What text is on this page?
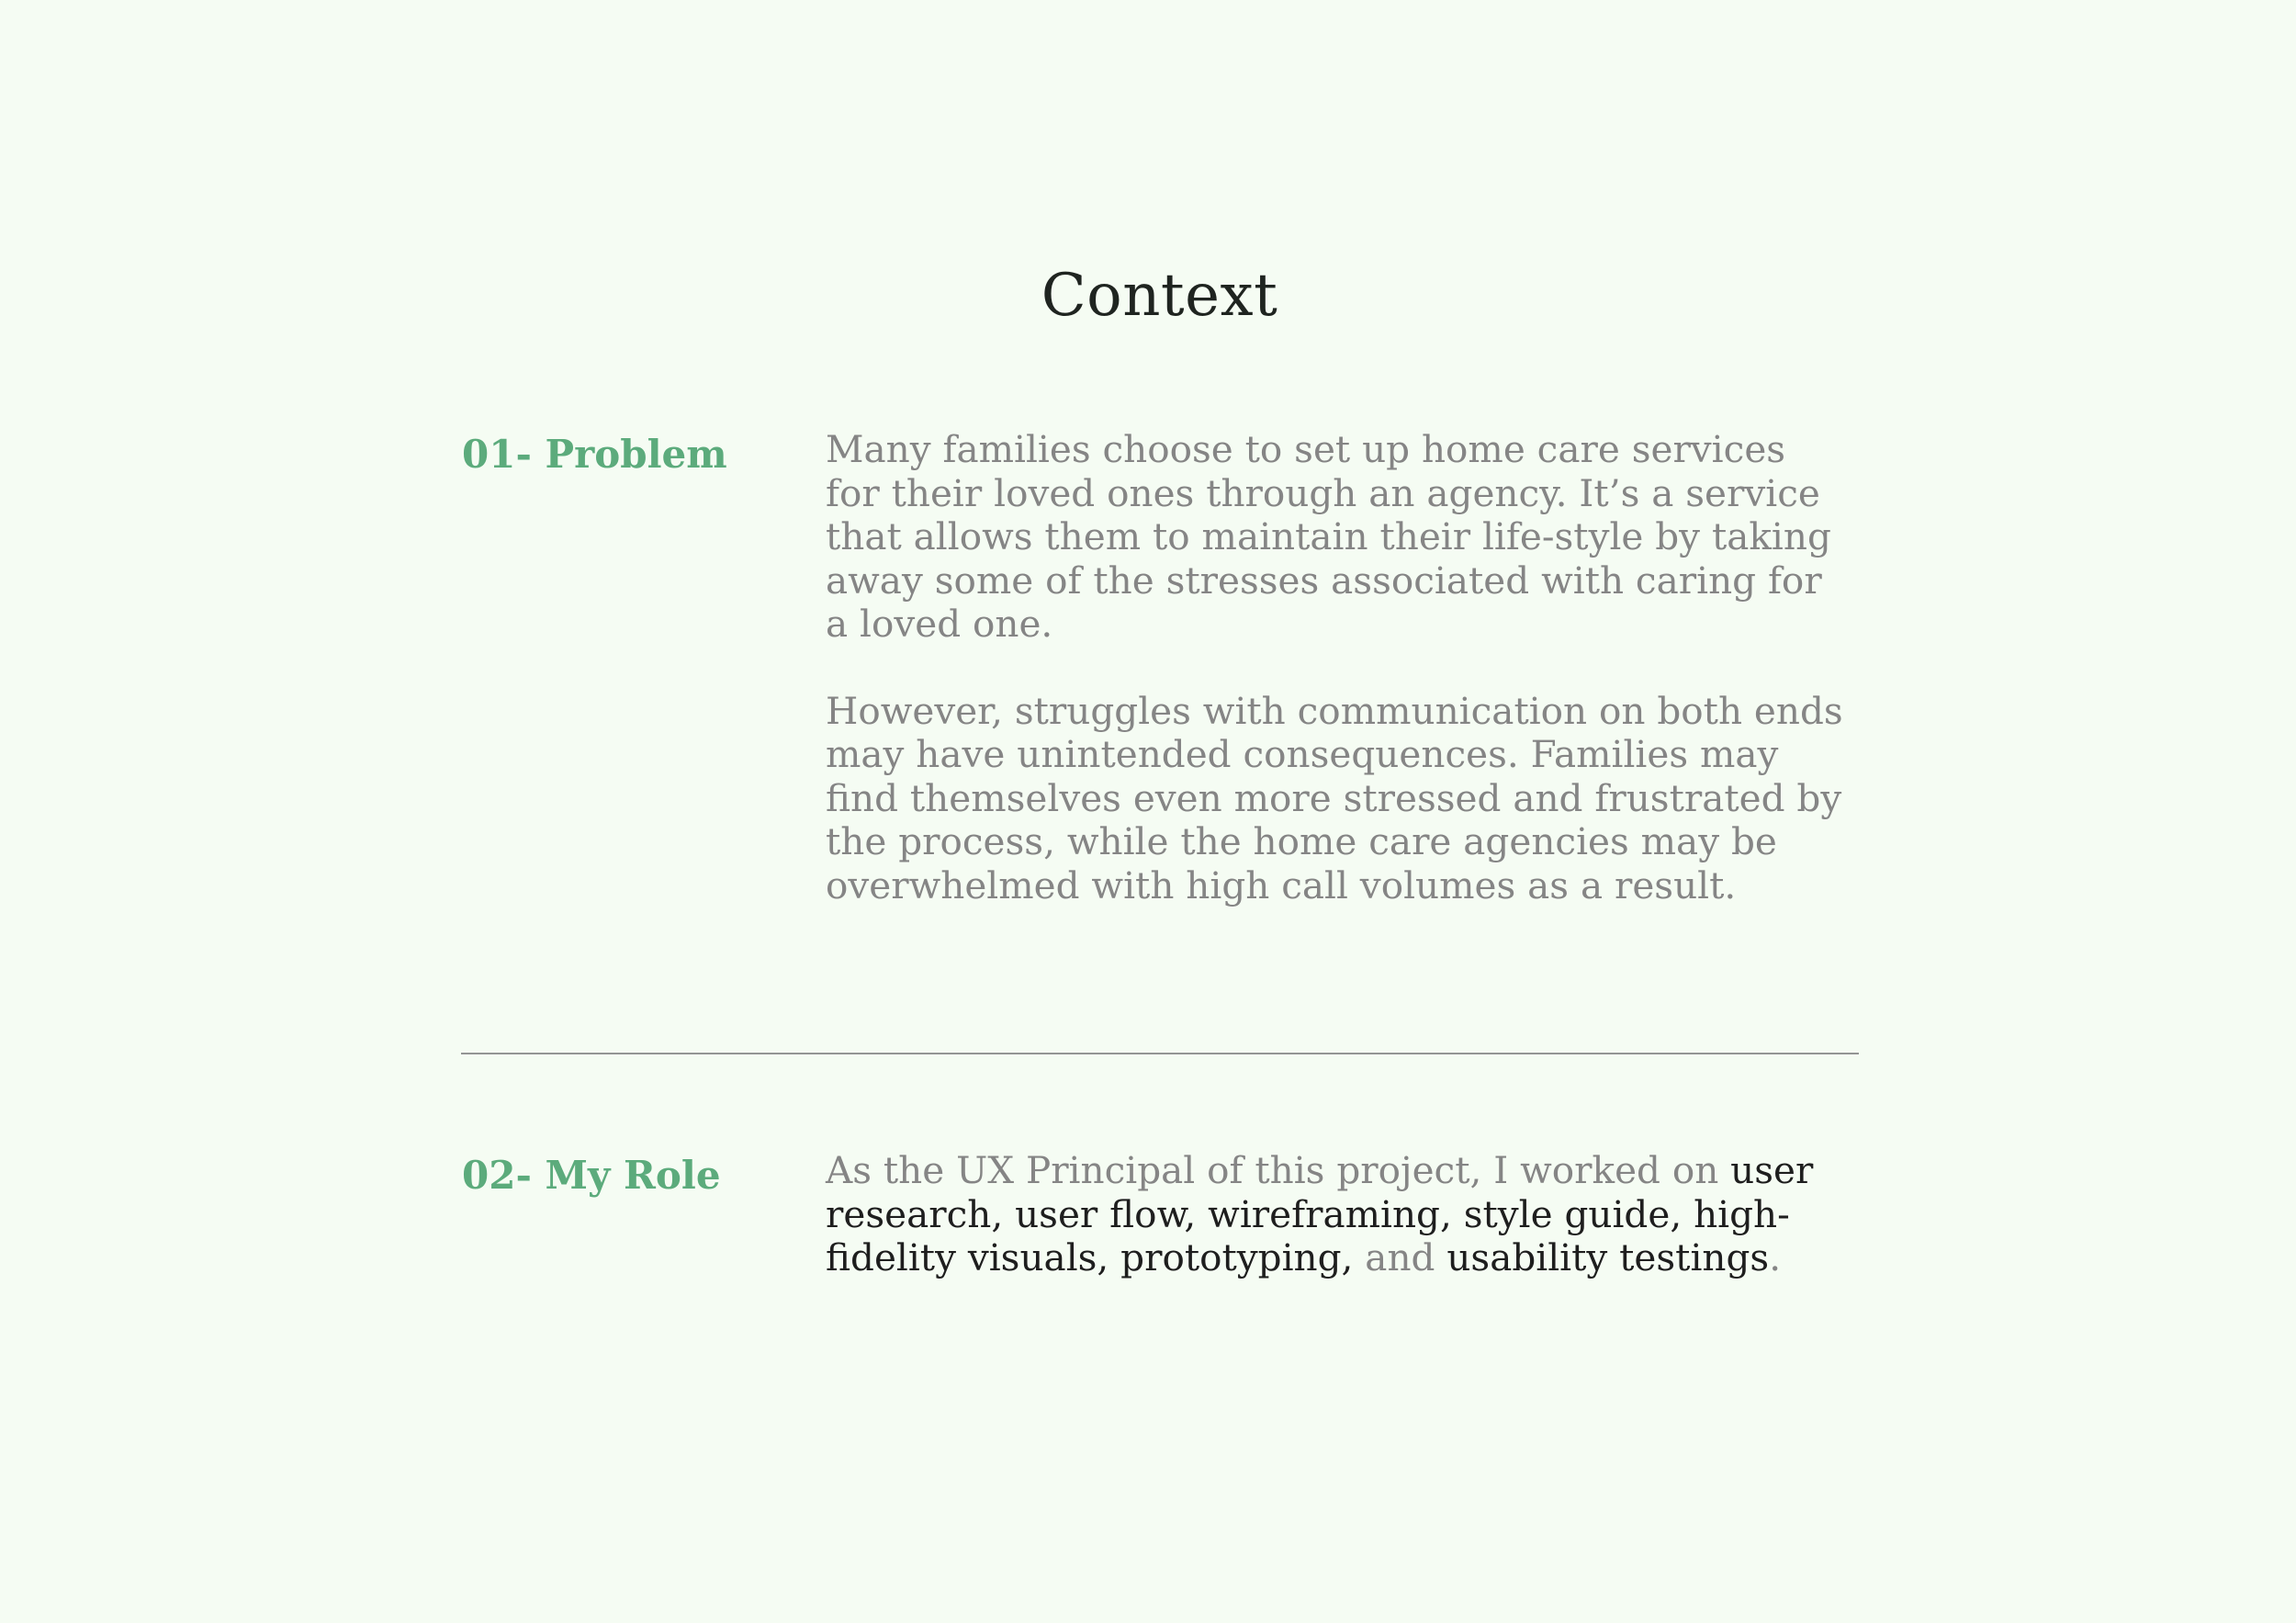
Context
01- Problem	Many families choose to set up home care services for their loved ones through an agency. It’s a service that allows them to maintain their life-style by taking away some of the stresses associated with caring for a loved one.

However, struggles with communication on both ends may have unintended consequences. Families may find themselves even more stressed and frustrated by the process, while the home care agencies may be overwhelmed with high call volumes as a result.

02- My Role	As the UX Principal of this project, I worked on user research, user flow, wireframing, style guide, high-fidelity visuals, prototyping, and usability testings.
